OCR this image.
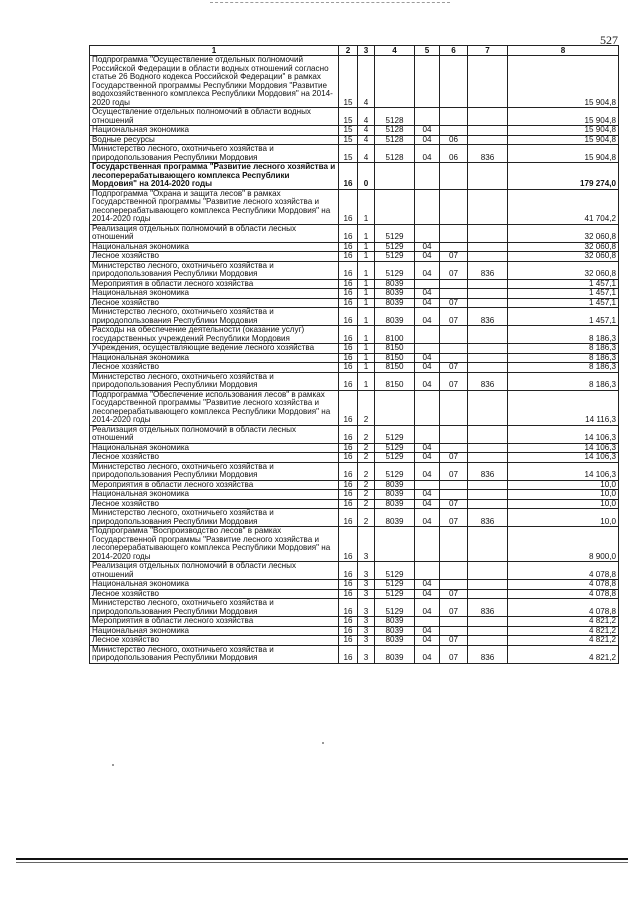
527
1	2	3	4	5	6	7	8
Подпрограмма "Осуществление отдельных полномочий Российской Федерации в области водных отношений согласно статье 26 Водного кодекса Российской Федерации" в рамках Государственной программы Республики Мордовия "Развитие водохозяйственного комплекса Республики Мордовия" на 2014-2020 годы	15	4					15 904,8
Осуществление отдельных полномочий в области водных отношений	15	4	5128				15 904,8
Национальная экономика	15	4	5128	04			15 904,8
Водные ресурсы	15	4	5128	04	06		15 904,8
Министерство лесного, охотничьего хозяйства и природопользования Республики Мордовия	15	4	5128	04	06	836	15 904,8
Государственная программа "Развитие лесного хозяйства и лесоперерабатывающего комплекса Республики Мордовия" на 2014-2020 годы	16	0					179 274,0
Подпрограмма "Охрана и защита лесов" в рамках Государственной программы "Развитие лесного хозяйства и лесоперерабатывающего комплекса Республики Мордовия" на 2014-2020 годы	16	1					41 704,2
Реализация отдельных полномочий в области лесных отношений	16	1	5129				32 060,8
Национальная экономика	16	1	5129	04			32 060,8
Лесное хозяйство	16	1	5129	04	07		32 060,8
Министерство лесного, охотничьего хозяйства и природопользования Республики Мордовия	16	1	5129	04	07	836	32 060,8
Мероприятия в области лесного хозяйства	16	1	8039				1 457,1
Национальная экономика	16	1	8039	04			1 457,1
Лесное хозяйство	16	1	8039	04	07		1 457,1
Министерство лесного, охотничьего хозяйства и природопользования Республики Мордовия	16	1	8039	04	07	836	1 457,1
Расходы на обеспечение деятельности (оказание услуг) государственных учреждений Республики Мордовия	16	1	8100				8 186,3
Учреждения, осуществляющие ведение лесного хозяйства	16	1	8150				8 186,3
Национальная экономика	16	1	8150	04			8 186,3
Лесное хозяйство	16	1	8150	04	07		8 186,3
Министерство лесного, охотничьего хозяйства и природопользования Республики Мордовия	16	1	8150	04	07	836	8 186,3
Подпрограмма "Обеспечение использования лесов" в рамках Государственной программы "Развитие лесного хозяйства и лесоперерабатывающего комплекса Республики Мордовия" на 2014-2020 годы	16	2					14 116,3
Реализация отдельных полномочий в области лесных отношений	16	2	5129				14 106,3
Национальная экономика	16	2	5129	04			14 106,3
Лесное хозяйство	16	2	5129	04	07		14 106,3
Министерство лесного, охотничьего хозяйства и природопользования Республики Мордовия	16	2	5129	04	07	836	14 106,3
Мероприятия в области лесного хозяйства	16	2	8039				10,0
Национальная экономика	16	2	8039	04			10,0
Лесное хозяйство	16	2	8039	04	07		10,0
Министерство лесного, охотничьего хозяйства и природопользования Республики Мордовия	16	2	8039	04	07	836	10,0
Подпрограмма "Воспроизводство лесов" в рамках Государственной программы "Развитие лесного хозяйства и лесоперерабатывающего комплекса Республики Мордовия" на 2014-2020 годы	16	3					8 900,0
Реализация отдельных полномочий в области лесных отношений	16	3	5129				4 078,8
Национальная экономика	16	3	5129	04			4 078,8
Лесное хозяйство	16	3	5129	04	07		4 078,8
Министерство лесного, охотничьего хозяйства и природопользования Республики Мордовия	16	3	5129	04	07	836	4 078,8
Мероприятия в области лесного хозяйства	16	3	8039				4 821,2
Национальная экономика	16	3	8039	04			4 821,2
Лесное хозяйство	16	3	8039	04	07		4 821,2
Министерство лесного, охотничьего хозяйства и природопользования Республики Мордовия	16	3	8039	04	07	836	4 821,2
